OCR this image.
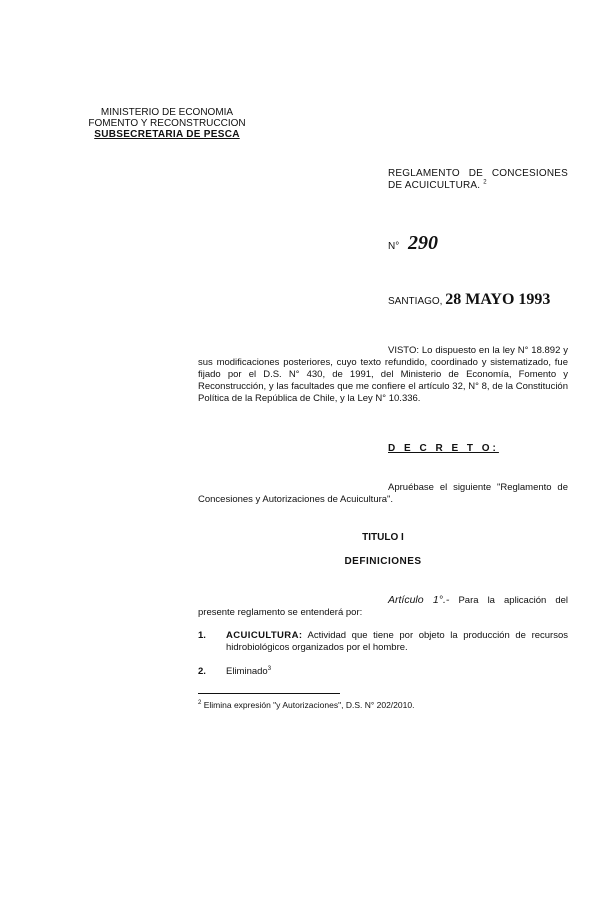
MINISTERIO DE ECONOMIA
FOMENTO Y RECONSTRUCCION
SUBSECRETARIA DE PESCA
REGLAMENTO DE CONCESIONES
DE ACUICULTURA. $^2$
N° 290
SANTIAGO, 28 MAYO 1993
VISTO: Lo dispuesto en la ley N° 18.892 y sus modificaciones posteriores, cuyo texto refundido, coordinado y sistematizado, fue fijado por el D.S. N° 430, de 1991, del Ministerio de Economía, Fomento y Reconstrucción, y las facultades que me confiere el artículo 32, N° 8, de la Constitución Política de la República de Chile, y la Ley N° 10.336.
D E C R E T O:
Apruébase el siguiente "Reglamento de Concesiones y Autorizaciones de Acuicultura".
TITULO I
DEFINICIONES
Artículo 1°.- Para la aplicación del presente reglamento se entenderá por:
1. ACUICULTURA: Actividad que tiene por objeto la producción de recursos hidrobiológicos organizados por el hombre.
2. Eliminado$^3$
$^2$ Elimina expresión "y Autorizaciones", D.S. N° 202/2010.
